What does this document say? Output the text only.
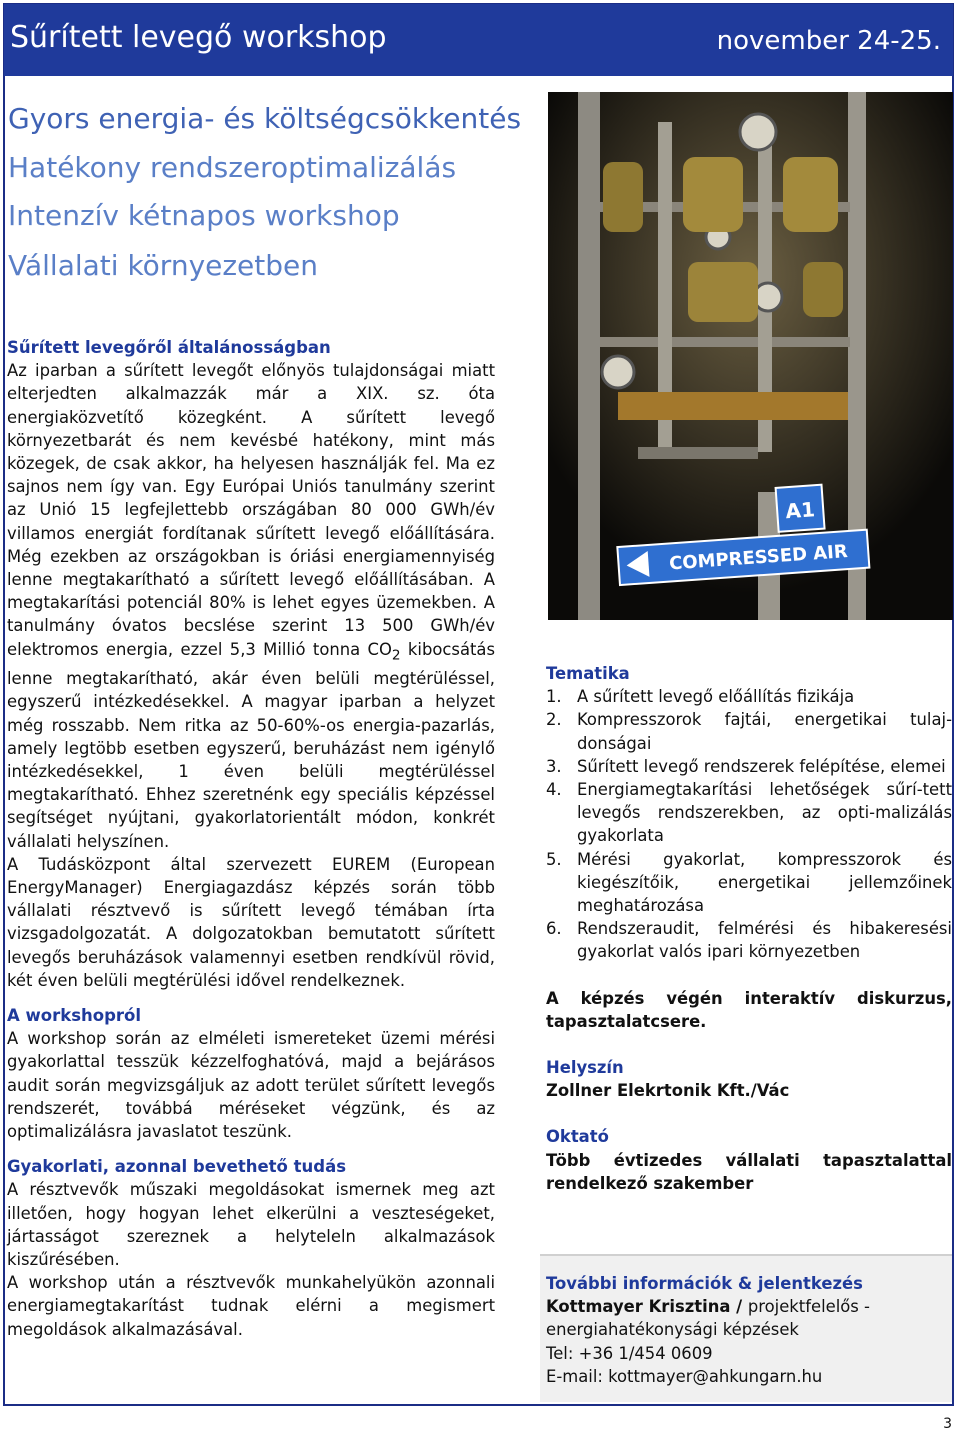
Sűrített levegő workshop	november 24-25.
Gyors energia- és költségcsökkentés
Hatékony rendszeroptimalizálás
Intenzív kétnapos workshop
Vállalati környezetben
A1
COMPRESSED AIR
Sűrített levegőről általánosságban

Az iparban a sűrített levegőt előnyös tulajdonságai miatt elterjedten alkalmazzák már a XIX. sz. óta energiaközvetítő közegként. A sűrített levegő környezetbarát és nem kevésbé hatékony, mint más közegek, de csak akkor, ha helyesen használják fel. Ma ez sajnos nem így van. Egy Európai Uniós tanulmány szerint az Unió 15 legfejlettebb országában 80 000 GWh/év villamos energiát fordítanak sűrített levegő előállítására. Még ezekben az országokban is óriási energiamennyiség lenne megtakarítható a sűrített levegő előállításában. A megtakarítási potenciál 80% is lehet egyes üzemekben. A tanulmány óvatos becslése szerint 13 500 GWh/év elektromos energia, ezzel 5,3 Millió tonna $CO_2$ kibocsátás lenne megtakarítható, akár éven belüli megtérüléssel, egyszerű intézkedésekkel. A magyar iparban a helyzet még rosszabb. Nem ritka az 50-60%-os energia-pazarlás, amely legtöbb esetben egyszerű, beruházást nem igénylő intézkedésekkel, 1 éven belüli megtérüléssel megtakarítható. Ehhez szeretnénk egy speciális képzéssel segítséget nyújtani, gyakorlatorientált módon, konkrét vállalati helyszínen.

A Tudásközpont által szervezett EUREM (European EnergyManager) Energiagazdász képzés során több vállalati résztvevő is sűrített levegő témában írta vizsgadolgozatát. A dolgozatokban bemutatott sűrített levegős beruházások valamennyi esetben rendkívül rövid, két éven belüli megtérülési idővel rendelkeznek.

A workshopról

A workshop során az elméleti ismereteket üzemi mérési gyakorlattal tesszük kézzelfoghatóvá, majd a bejárásos audit során megvizsgáljuk az adott terület sűrített levegős rendszerét, továbbá méréseket végzünk, és az optimalizálásra javaslatot teszünk.

Gyakorlati, azonnal bevethető tudás

A résztvevők műszaki megoldásokat ismernek meg azt illetően, hogy hogyan lehet elkerülni a veszteségeket, jártasságot szereznek a helyteleln alkalmazások kiszűrésében.

A workshop után a résztvevők munkahelyükön azonnali energiamegtakarítást tudnak elérni a megismert megoldások alkalmazásával.

Tematika
1. A sűrített levegő előállítás fizikája
2. Kompresszorok fajtái, energetikai tulaj-donságai
3. Sűrített levegő rendszerek felépítése, elemei
4. Energiamegtakarítási lehetőségek sűrí-tett levegős rendszerekben, az opti-malizálás gyakorlata
5. Mérési gyakorlat, kompresszorok és kiegészítőik, energetikai jellemzőinek meghatározása
6. Rendszeraudit, felmérési és hibakeresési gyakorlat valós ipari környezetben
A képzés végén interaktív diskurzus, tapasztalatcsere.
Helyszín
Zollner Elekrtonik Kft./Vác
Oktató
Több évtizedes vállalati tapasztalattal rendelkező szakember
További információk & jelentkezés
Kottmayer Krisztina / projektfelelős - energiahatékonysági képzések
Tel: +36 1/454 0609
E-mail: kottmayer@ahkungarn.hu
3
